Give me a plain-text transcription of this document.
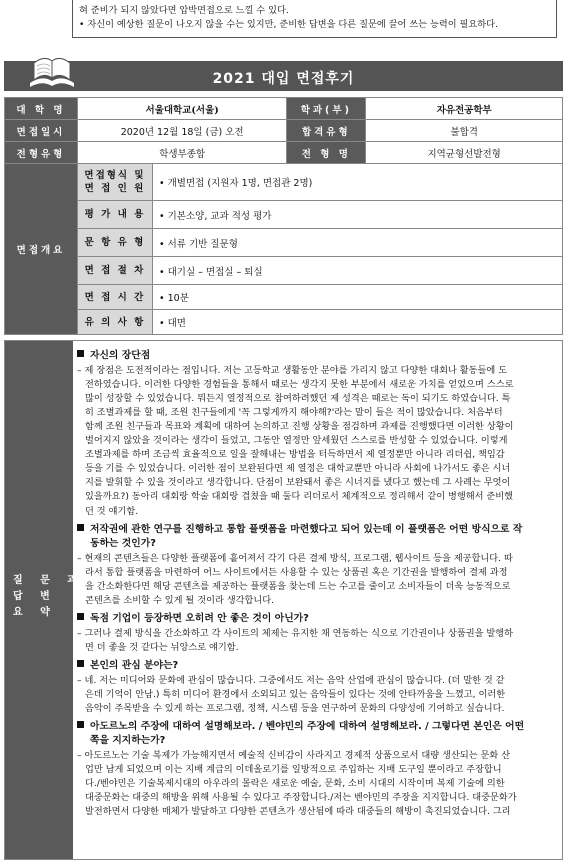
혀 준비가 되지 않았다면 압박면접으로 느낄 수 있다.
• 자신이 예상한 질문이 나오지 않을 수는 있지만, 준비한 답변을 다른 질문에 끌어 쓰는 능력이 필요하다.
2021 대입 면접후기
대 학 명	서울대학교(서울)		학과(부)	자유전공학부
면접일시	2020년 12월 18일 (금) 오전		합격유형	불합격
전형유형	학생부종합		전 형 명	지역균형선발전형
면접개요	면접형식 및 면 접 인 원	• 개별면접 (지원자 1명, 면접관 2명)		
	평 가 내 용	• 기본소양, 교과 적성 평가		
	문 항 유 형	• 서류 기반 질문형		
	면 접 절 차	• 대기실 – 면접실 – 퇴실		
	면 접 시 간	• 10분		
	유 의 사 항	• 대면		
질 문 과
답 변
요 약
자신의 장단점
– 제 장점은 도전적이라는 점입니다. 저는 고등학교 생활동안 분야를 가리지 않고 다양한 대회나 활동들에 도
전하였습니다. 이러한 다양한 경험들을 통해서 때로는 생각지 못한 부분에서 새로운 가치를 얻었으며 스스로
많이 성장할 수 있었습니다. 뭐든지 열정적으로 참여하려했던 제 성격은 때로는 독이 되기도 하였습니다. 특
히 조별과제를 할 때, 조원 친구들에게 '꼭 그렇게까지 해야해?'라는 말이 들은 적이 많았습니다. 처음부터
함께 조원 친구들과 목표와 계획에 대하여 논의하고 진행 상황을 점검하며 과제를 진행했다면 이러한 상황이
벌어지지 않았을 것이라는 생각이 들었고, 그동안 열정만 앞세웠던 스스로를 반성할 수 있었습니다. 이렇게
조별과제를 하며 조금씩 효율적으로 일을 잘해내는 방법을 터득하면서 제 열정뿐만 아니라 리더쉽, 책임감
등을 기를 수 있었습니다. 이러한 점이 보완된다면 제 열정은 대학교뿐만 아니라 사회에 나가서도 좋은 시너
지를 발휘할 수 있을 것이라고 생각합니다. 단점이 보완돼서 좋은 시너지를 냈다고 했는데 그 사례는 무엇이
있을까요?) 동아리 대회랑 학술 대회랑 겹쳤을 때 둘다 리더로서 체계적으로 정리해서 같이 병행해서 준비했
던 것 얘기함.
저작권에 관한 연구를 진행하고 통합 플랫폼을 마련했다고 되어 있는데 이 플랫폼은 어떤 방식으로 작
동하는 것인가?
– 현재의 콘텐츠들은 다양한 플랫폼에 흩어져서 각기 다른 결제 방식, 프로그램, 웹사이트 등을 제공합니다. 따
라서 통합 플랫폼을 마련하여 어느 사이트에서든 사용할 수 있는 상품권 혹은 기간권을 발행하여 결제 과정
을 간소화한다면 해당 콘텐츠를 제공하는 플랫폼을 찾는데 드는 수고를 줄이고 소비자들이 더욱 능동적으로
콘텐츠를 소비할 수 있게 될 것이라 생각합니다.
독점 기업이 등장하면 오히려 안 좋은 것이 아닌가?
– 그러나 결제 방식을 간소화하고 각 사이트의 체제는 유지한 채 연동하는 식으로 기간권이나 상품권을 발행하
면 더 좋을 것 같다는 뉘앙스로 얘기함.
본인의 관심 분야는?
– 네. 저는 미디어와 문화에 관심이 많습니다. 그중에서도 저는 음악 산업에 관심이 많습니다. (더 말한 것 같
은데 기억이 안남.) 특히 미디어 환경에서 소외되고 있는 음악들이 있다는 것에 안타까움을 느꼈고, 이러한
음악이 주목받을 수 있게 하는 프로그램, 정책, 시스템 등을 연구하여 문화의 다양성에 기여하고 싶습니다.
아도르노의 주장에 대하여 설명해보라. / 벤야민의 주장에 대하여 설명해보라. / 그렇다면 본인은 어떤
쪽을 지지하는가?
– 아도르노는 기술 복제가 가능해지면서 예술적 신비감이 사라지고 경제적 상품으로서 대량 생산되는 문화 산
업만 남게 되었으며 이는 지배 계급의 이데올로기를 일방적으로 주입하는 지배 도구일 뿐이라고 주장합니
다./벤야민은 기술복제시대의 아우라의 몰락은 새로운 예술, 문화, 소비 시대의 시작이며 복제 기술에 의한
대중문화는 대중의 해방을 위해 사용될 수 있다고 주장합니다./저는 벤야민의 주장을 지지합니다. 대중문화가
발전하면서 다양한 매체가 발달하고 다양한 콘텐츠가 생산됨에 따라 대중들의 해방이 촉진되었습니다. 그리
